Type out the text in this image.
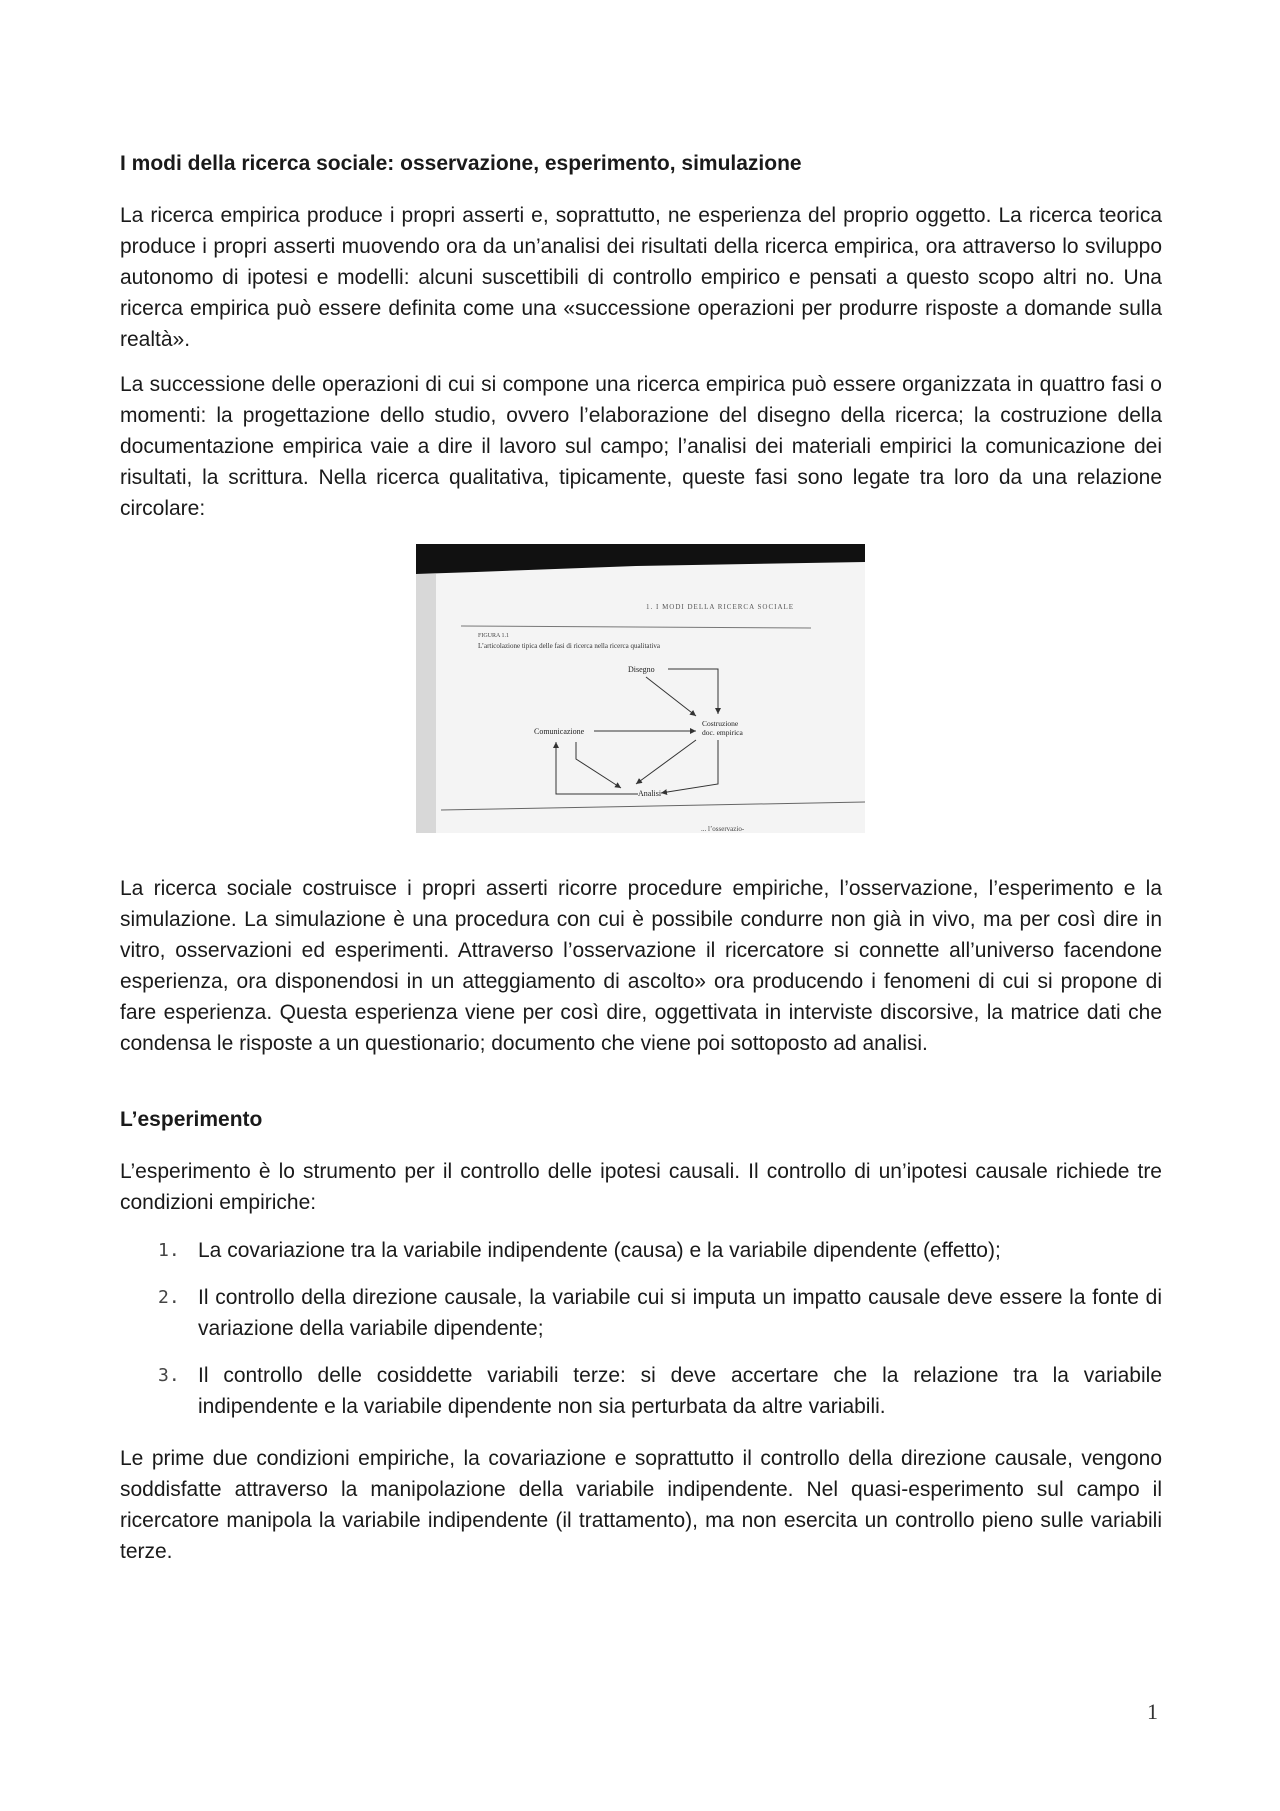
I modi della ricerca sociale: osservazione, esperimento, simulazione

La ricerca empirica produce i propri asserti e, soprattutto, ne esperienza del proprio oggetto. La ricerca teorica produce i propri asserti muovendo ora da un’analisi dei risultati della ricerca empirica, ora attraverso lo sviluppo autonomo di ipotesi e modelli: alcuni suscettibili di controllo empirico e pensati a questo scopo altri no. Una ricerca empirica può essere definita come una «successione operazioni per produrre risposte a domande sulla realtà».

La successione delle operazioni di cui si compone una ricerca empirica può essere organizzata in quattro fasi o momenti: la progettazione dello studio, ovvero l’elaborazione del disegno della ricerca; la costruzione della documentazione empirica vaie a dire il lavoro sul campo; l’analisi dei materiali empirici la comunicazione dei risultati, la scrittura. Nella ricerca qualitativa, tipicamente, queste fasi sono legate tra loro da una relazione circolare:

1. I MODI DELLA RICERCA SOCIALE
FIGURA 1.1
L’articolazione tipica delle fasi di ricerca nella ricerca qualitativa
Disegno
Costruzione
doc. empirica
Comunicazione
Analisi
... l’osservazio-

La ricerca sociale costruisce i propri asserti ricorre procedure empiriche, l’osservazione, l’esperimento e la simulazione. La simulazione è una procedura con cui è possibile condurre non già in vivo, ma per così dire in vitro, osservazioni ed esperimenti. Attraverso l’osservazione il ricercatore si connette all’universo facendone esperienza, ora disponendosi in un atteggiamento di ascolto» ora producendo i fenomeni di cui si propone di fare esperienza. Questa esperienza viene per così dire, oggettivata in interviste discorsive, la matrice dati che condensa le risposte a un questionario; documento che viene poi sottoposto ad analisi.

L’esperimento

L’esperimento è lo strumento per il controllo delle ipotesi causali. Il controllo di un’ipotesi causale richiede tre condizioni empiriche:

1. La covariazione tra la variabile indipendente (causa) e la variabile dipendente (effetto);
2. Il controllo della direzione causale, la variabile cui si imputa un impatto causale deve essere la fonte di variazione della variabile dipendente;
3. Il controllo delle cosiddette variabili terze: si deve accertare che la relazione tra la variabile indipendente e la variabile dipendente non sia perturbata da altre variabili.

Le prime due condizioni empiriche, la covariazione e soprattutto il controllo della direzione causale, vengono soddisfatte attraverso la manipolazione della variabile indipendente. Nel quasi-esperimento sul campo il ricercatore manipola la variabile indipendente (il trattamento), ma non esercita un controllo pieno sulle variabili terze.

1
